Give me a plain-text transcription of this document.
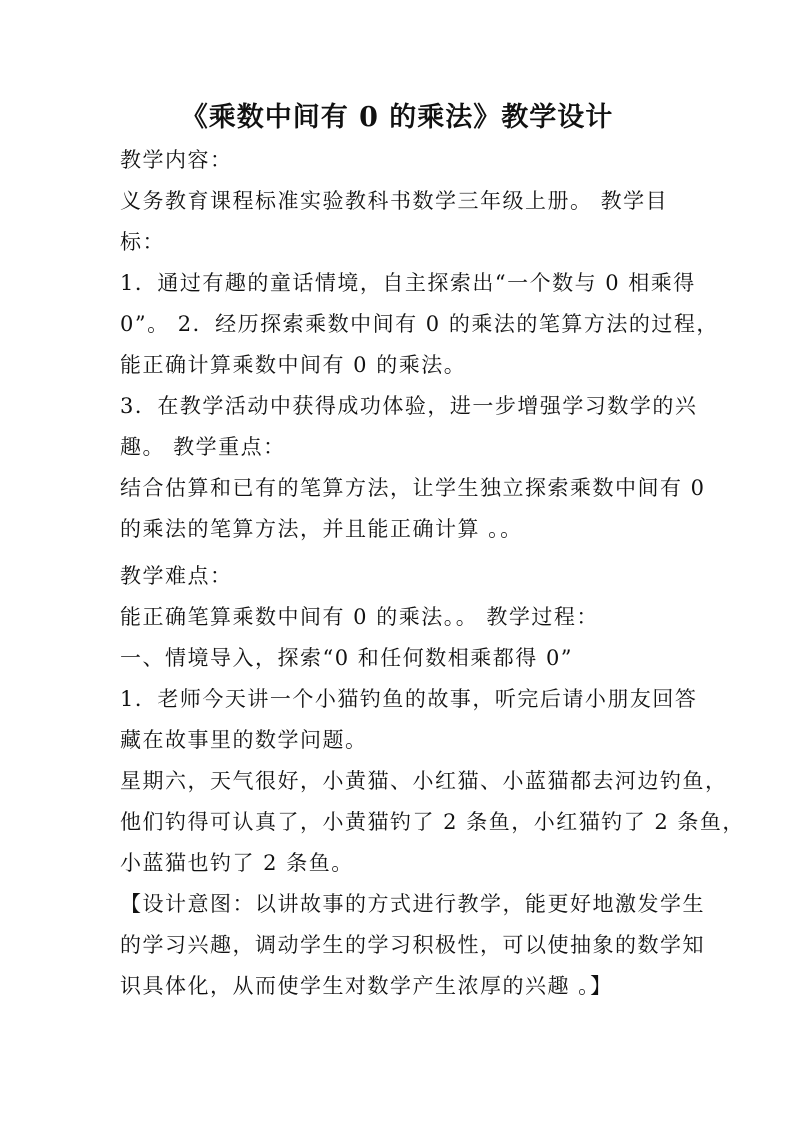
《乘数中间有 0 的乘法》教学设计
教学内容：
义务教育课程标准实验教科书数学三年级上册。 教学目
标：
1．通过有趣的童话情境，自主探索出“一个数与 0 相乘得
0”。 2．经历探索乘数中间有 0 的乘法的笔算方法的过程，
能正确计算乘数中间有 0 的乘法。
3．在教学活动中获得成功体验，进一步增强学习数学的兴
趣。 教学重点：
结合估算和已有的笔算方法，让学生独立探索乘数中间有 0
的乘法的笔算方法，并且能正确计算 。。
教学难点：
能正确笔算乘数中间有 0 的乘法。。 教学过程：
一、情境导入，探索“0 和任何数相乘都得 0”
1．老师今天讲一个小猫钓鱼的故事，听完后请小朋友回答
藏在故事里的数学问题。
星期六，天气很好，小黄猫、小红猫、小蓝猫都去河边钓鱼，
他们钓得可认真了，小黄猫钓了 2 条鱼，小红猫钓了 2 条鱼，
小蓝猫也钓了 2 条鱼。
【设计意图：以讲故事的方式进行教学，能更好地激发学生
的学习兴趣，调动学生的学习积极性，可以使抽象的数学知
识具体化，从而使学生对数学产生浓厚的兴趣 。】
